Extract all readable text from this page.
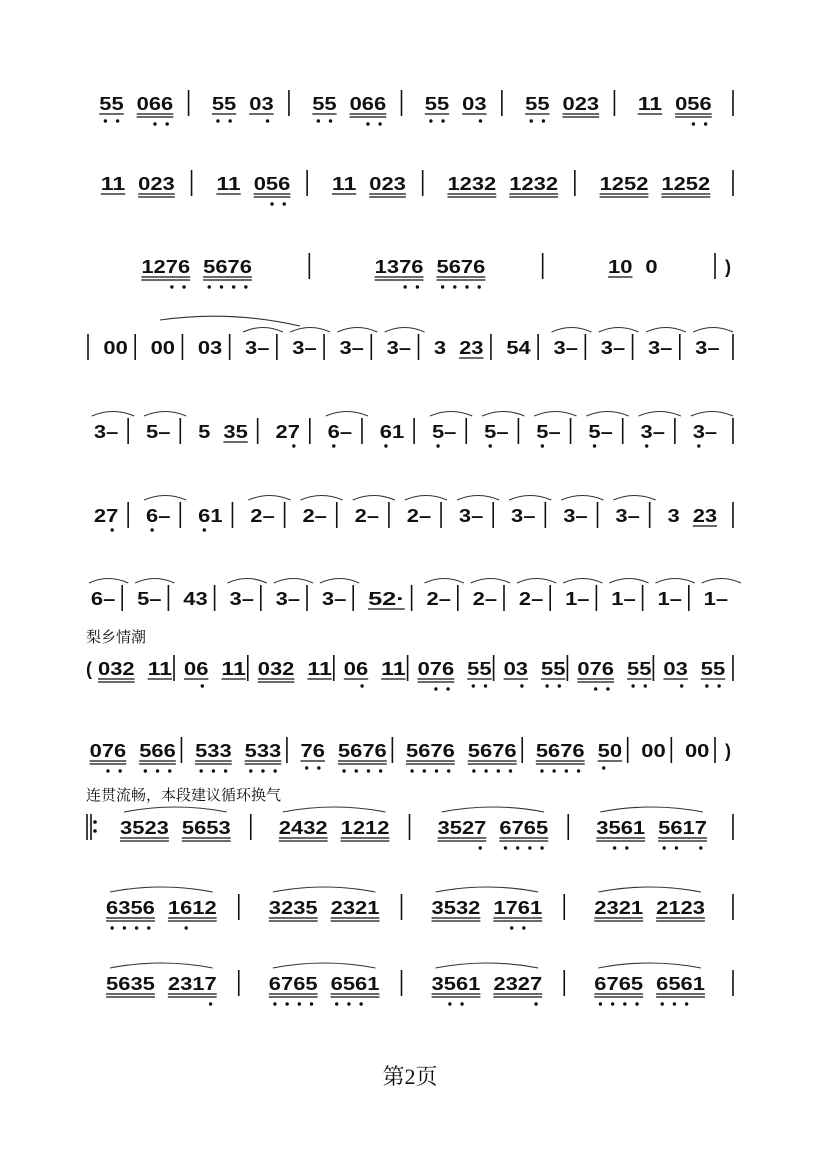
55 066 55 03 55 066 55 03 55 023 11 056
11 023 11 056 11 023 1232 1232 1252 1252
1276 5676	1376 5676	10 0	)
00 00 03 3– 3– 3– 3– 3 23 54 3– 3– 3– 3–
3– 5– 5 35 27 6– 61 5– 5– 5– 5– 3– 3–
27 6– 61 2– 2– 2– 2– 3– 3– 3– 3– 3 23
6– 5– 43 3– 3– 3– 52· 2– 2– 2– 1– 1– 1– 1–
( 032 11 06 11 032 11 06 11 076 55 03 55 076 55 03 55
076 566 533 533 76 5676 5676 5676 5676 50 00 00 )
3523 5653	2432 1212	3527 6765	3561 5617
6356 1612	3235 2321	3532 1761	2321 2123
5635 2317	6765 6561	3561 2327	6765 6561
梨乡情潮
连贯流畅，本段建议循环换气
第2页
